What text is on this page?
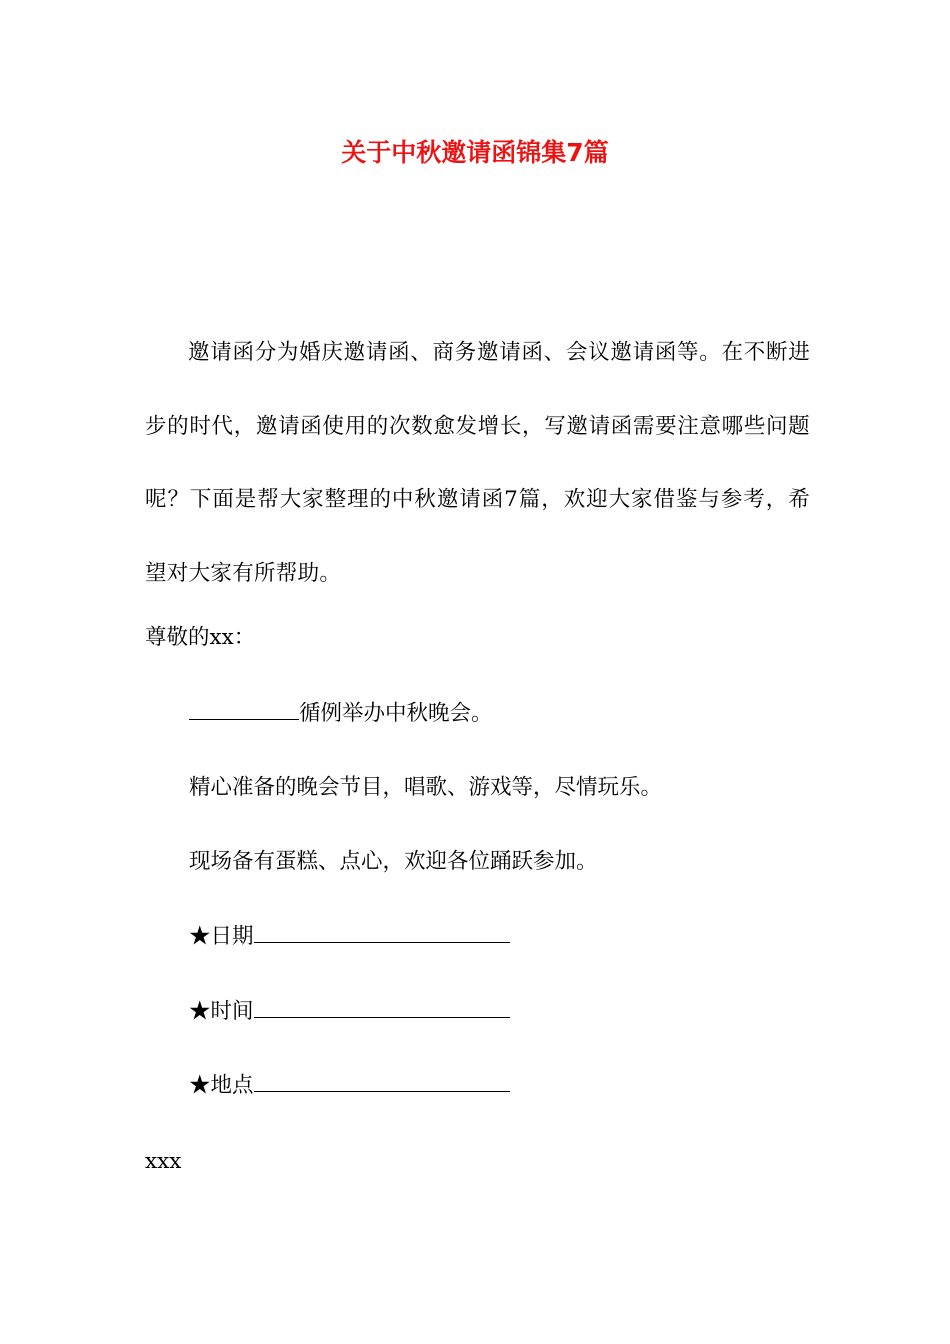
关于中秋邀请函锦集7篇

邀请函分为婚庆邀请函、商务邀请函、会议邀请函等。在不断进步的时代，邀请函使用的次数愈发增长，写邀请函需要注意哪些问题呢？下面是帮大家整理的中秋邀请函7篇，欢迎大家借鉴与参考，希望对大家有所帮助。

尊敬的xx：

循例举办中秋晚会。

精心准备的晚会节目，唱歌、游戏等，尽情玩乐。

现场备有蛋糕、点心，欢迎各位踊跃参加。

★日期

★时间

★地点

xxx
